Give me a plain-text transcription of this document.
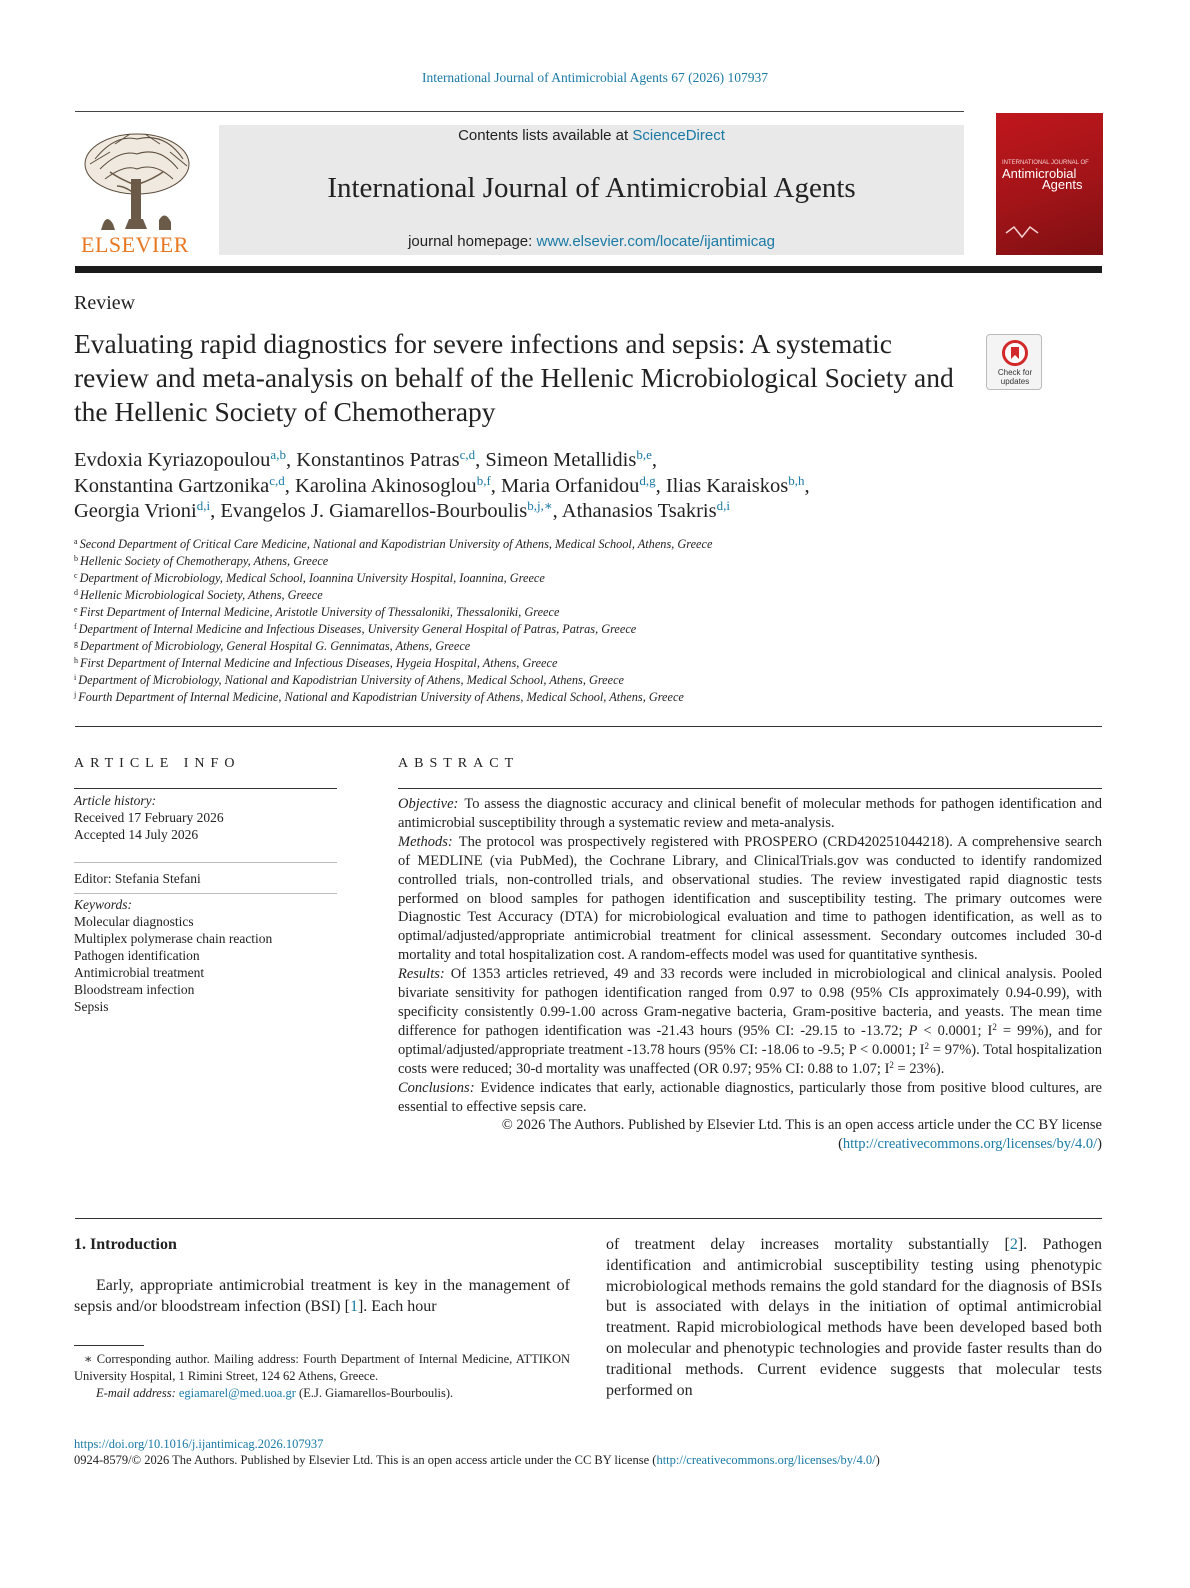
International Journal of Antimicrobial Agents 67 (2026) 107937
ELSEVIER
Contents lists available at ScienceDirect
International Journal of Antimicrobial Agents
journal homepage: www.elsevier.com/locate/ijantimicag
INTERNATIONAL JOURNAL OF
Antimicrobial
Agents
Review
Evaluating rapid diagnostics for severe infections and sepsis: A systematic review and meta-analysis on behalf of the Hellenic Microbiological Society and the Hellenic Society of Chemotherapy
Check for updates
Evdoxia Kyriazopoulou$^{a,b}$, Konstantinos Patras$^{c,d}$, Simeon Metallidis$^{b,e}$,
Konstantina Gartzonika$^{c,d}$, Karolina Akinosoglou$^{b,f}$, Maria Orfanidou$^{d,g}$, Ilias Karaiskos$^{b,h}$,
Georgia Vrioni$^{d,i}$, Evangelos J. Giamarellos-Bourboulis$^{b,j,∗}$, Athanasios Tsakris$^{d,i}$
$^a$ Second Department of Critical Care Medicine, National and Kapodistrian University of Athens, Medical School, Athens, Greece
$^b$ Hellenic Society of Chemotherapy, Athens, Greece
$^c$ Department of Microbiology, Medical School, Ioannina University Hospital, Ioannina, Greece
$^d$ Hellenic Microbiological Society, Athens, Greece
$^e$ First Department of Internal Medicine, Aristotle University of Thessaloniki, Thessaloniki, Greece
$^f$ Department of Internal Medicine and Infectious Diseases, University General Hospital of Patras, Patras, Greece
$^g$ Department of Microbiology, General Hospital G. Gennimatas, Athens, Greece
$^h$ First Department of Internal Medicine and Infectious Diseases, Hygeia Hospital, Athens, Greece
$^i$ Department of Microbiology, National and Kapodistrian University of Athens, Medical School, Athens, Greece
$^j$ Fourth Department of Internal Medicine, National and Kapodistrian University of Athens, Medical School, Athens, Greece
ARTICLE INFO
Article history:
Received 17 February 2026
Accepted 14 July 2026
Editor: Stefania Stefani
Keywords:
Molecular diagnostics
Multiplex polymerase chain reaction
Pathogen identification
Antimicrobial treatment
Bloodstream infection
Sepsis
ABSTRACT

Objective: To assess the diagnostic accuracy and clinical benefit of molecular methods for pathogen identification and antimicrobial susceptibility through a systematic review and meta-analysis.

Methods: The protocol was prospectively registered with PROSPERO (CRD420251044218). A comprehensive search of MEDLINE (via PubMed), the Cochrane Library, and ClinicalTrials.gov was conducted to identify randomized controlled trials, non-controlled trials, and observational studies. The review investigated rapid diagnostic tests performed on blood samples for pathogen identification and susceptibility testing. The primary outcomes were Diagnostic Test Accuracy (DTA) for microbiological evaluation and time to pathogen identification, as well as to optimal/adjusted/appropriate antimicrobial treatment for clinical assessment. Secondary outcomes included 30-d mortality and total hospitalization cost. A random-effects model was used for quantitative synthesis.

Results: Of 1353 articles retrieved, 49 and 33 records were included in microbiological and clinical analysis. Pooled bivariate sensitivity for pathogen identification ranged from 0.97 to 0.98 (95% CIs approximately 0.94-0.99), with specificity consistently 0.99-1.00 across Gram-negative bacteria, Gram-positive bacteria, and yeasts. The mean time difference for pathogen identification was -21.43 hours (95% CI: -29.15 to -13.72; P < 0.0001; $I^2 = 99\%$), and for optimal/adjusted/appropriate treatment -13.78 hours (95% CI: -18.06 to -9.5; P < 0.0001; $I^2 = 97\%$). Total hospitalization costs were reduced; 30-d mortality was unaffected (OR 0.97; 95% CI: 0.88 to 1.07; $I^2 = 23\%$).

Conclusions: Evidence indicates that early, actionable diagnostics, particularly those from positive blood cultures, are essential to effective sepsis care.

© 2026 The Authors. Published by Elsevier Ltd. This is an open access article under the CC BY license
(http://creativecommons.org/licenses/by/4.0/)

1. Introduction
Early, appropriate antimicrobial treatment is key in the management of sepsis and/or bloodstream infection (BSI) [1]. Each hour
∗ Corresponding author. Mailing address: Fourth Department of Internal Medicine, ATTIKON University Hospital, 1 Rimini Street, 124 62 Athens, Greece.
E-mail address: egiamarel@med.uoa.gr (E.J. Giamarellos-Bourboulis).
of treatment delay increases mortality substantially [2]. Pathogen identification and antimicrobial susceptibility testing using phenotypic microbiological methods remains the gold standard for the diagnosis of BSIs but is associated with delays in the initiation of optimal antimicrobial treatment. Rapid microbiological methods have been developed based both on molecular and phenotypic technologies and provide faster results than do traditional methods. Current evidence suggests that molecular tests performed on
https://doi.org/10.1016/j.ijantimicag.2026.107937
0924-8579/© 2026 The Authors. Published by Elsevier Ltd. This is an open access article under the CC BY license (http://creativecommons.org/licenses/by/4.0/)
